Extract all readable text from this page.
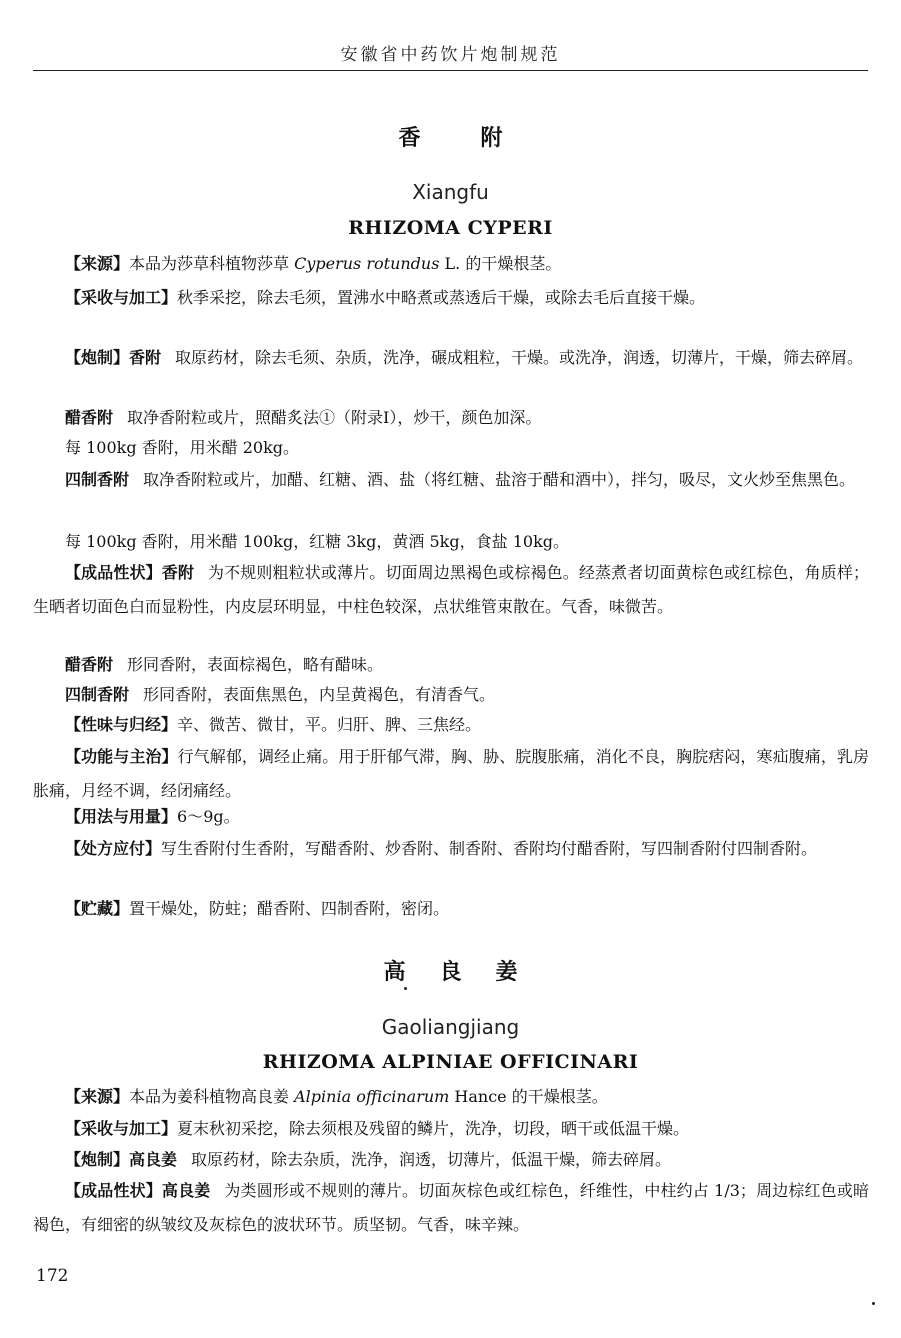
安徽省中药饮片炮制规范
香	附
Xiangfu
RHIZOMA CYPERI
【来源】本品为莎草科植物莎草 Cyperus rotundus L. 的干燥根茎。
【采收与加工】秋季采挖，除去毛须，置沸水中略煮或蒸透后干燥，或除去毛后直接干燥。
【炮制】香附 取原药材，除去毛须、杂质，洗净，碾成粗粒，干燥。或洗净，润透，切薄片，干燥，筛去碎屑。
醋香附 取净香附粒或片，照醋炙法①（附录Ⅰ），炒干，颜色加深。
每 100kg 香附，用米醋 20kg。
四制香附 取净香附粒或片，加醋、红糖、酒、盐（将红糖、盐溶于醋和酒中），拌匀，吸尽，文火炒至焦黑色。
每 100kg 香附，用米醋 100kg，红糖 3kg，黄酒 5kg，食盐 10kg。
【成品性状】香附 为不规则粗粒状或薄片。切面周边黑褐色或棕褐色。经蒸煮者切面黄棕色或红棕色，角质样；生晒者切面色白而显粉性，内皮层环明显，中柱色较深，点状维管束散在。气香，味微苦。
醋香附 形同香附，表面棕褐色，略有醋味。
四制香附 形同香附，表面焦黑色，内呈黄褐色，有清香气。
【性味与归经】辛、微苦、微甘，平。归肝、脾、三焦经。
【功能与主治】行气解郁，调经止痛。用于肝郁气滞，胸、胁、脘腹胀痛，消化不良，胸脘痞闷，寒疝腹痛，乳房胀痛，月经不调，经闭痛经。
【用法与用量】6～9g。
【处方应付】写生香附付生香附，写醋香附、炒香附、制香附、香附均付醋香附，写四制香附付四制香附。
【贮藏】置干燥处，防蛀；醋香附、四制香附，密闭。
高 良 姜
Gaoliangjiang
RHIZOMA ALPINIAE OFFICINARI
【来源】本品为姜科植物高良姜 Alpinia officinarum Hance 的干燥根茎。
【采收与加工】夏末秋初采挖，除去须根及残留的鳞片，洗净，切段，晒干或低温干燥。
【炮制】高良姜 取原药材，除去杂质，洗净，润透，切薄片，低温干燥，筛去碎屑。
【成品性状】高良姜 为类圆形或不规则的薄片。切面灰棕色或红棕色，纤维性，中柱约占 1/3；周边棕红色或暗褐色，有细密的纵皱纹及灰棕色的波状环节。质坚韧。气香，味辛辣。
172
